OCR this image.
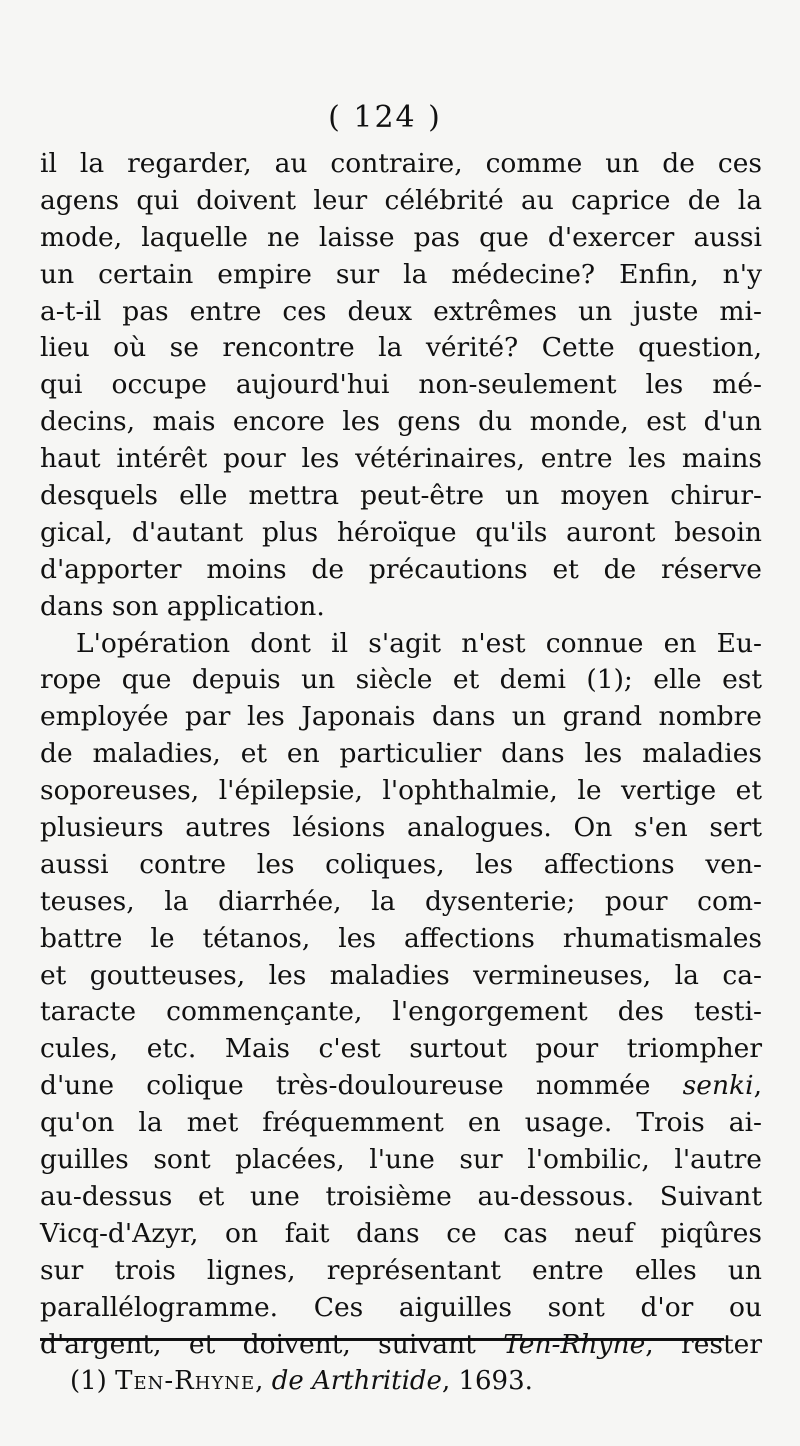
( 124 )
il la regarder, au contraire, comme un de ces
agens qui doivent leur célébrité au caprice de la
mode, laquelle ne laisse pas que d'exercer aussi
un certain empire sur la médecine? Enfin, n'y
a-t-il pas entre ces deux extrêmes un juste mi-
lieu où se rencontre la vérité? Cette question,
qui occupe aujourd'hui non-seulement les mé-
decins, mais encore les gens du monde, est d'un
haut intérêt pour les vétérinaires, entre les mains
desquels elle mettra peut-être un moyen chirur-
gical, d'autant plus héroïque qu'ils auront besoin
d'apporter moins de précautions et de réserve
dans son application.
L'opération dont il s'agit n'est connue en Eu-
rope que depuis un siècle et demi (1); elle est
employée par les Japonais dans un grand nombre
de maladies, et en particulier dans les maladies
soporeuses, l'épilepsie, l'ophthalmie, le vertige et
plusieurs autres lésions analogues. On s'en sert
aussi contre les coliques, les affections ven-
teuses, la diarrhée, la dysenterie; pour com-
battre le tétanos, les affections rhumatismales
et goutteuses, les maladies vermineuses, la ca-
taracte commençante, l'engorgement des testi-
cules, etc. Mais c'est surtout pour triompher
d'une colique très-douloureuse nommée senki,
qu'on la met fréquemment en usage. Trois ai-
guilles sont placées, l'une sur l'ombilic, l'autre
au-dessus et une troisième au-dessous. Suivant
Vicq-d'Azyr, on fait dans ce cas neuf piqûres
sur trois lignes, représentant entre elles un
parallélogramme. Ces aiguilles sont d'or ou
d'argent, et doivent, suivant Ten-Rhyne, rester
(1) Ten-Rhyne, de Arthritide, 1693.
